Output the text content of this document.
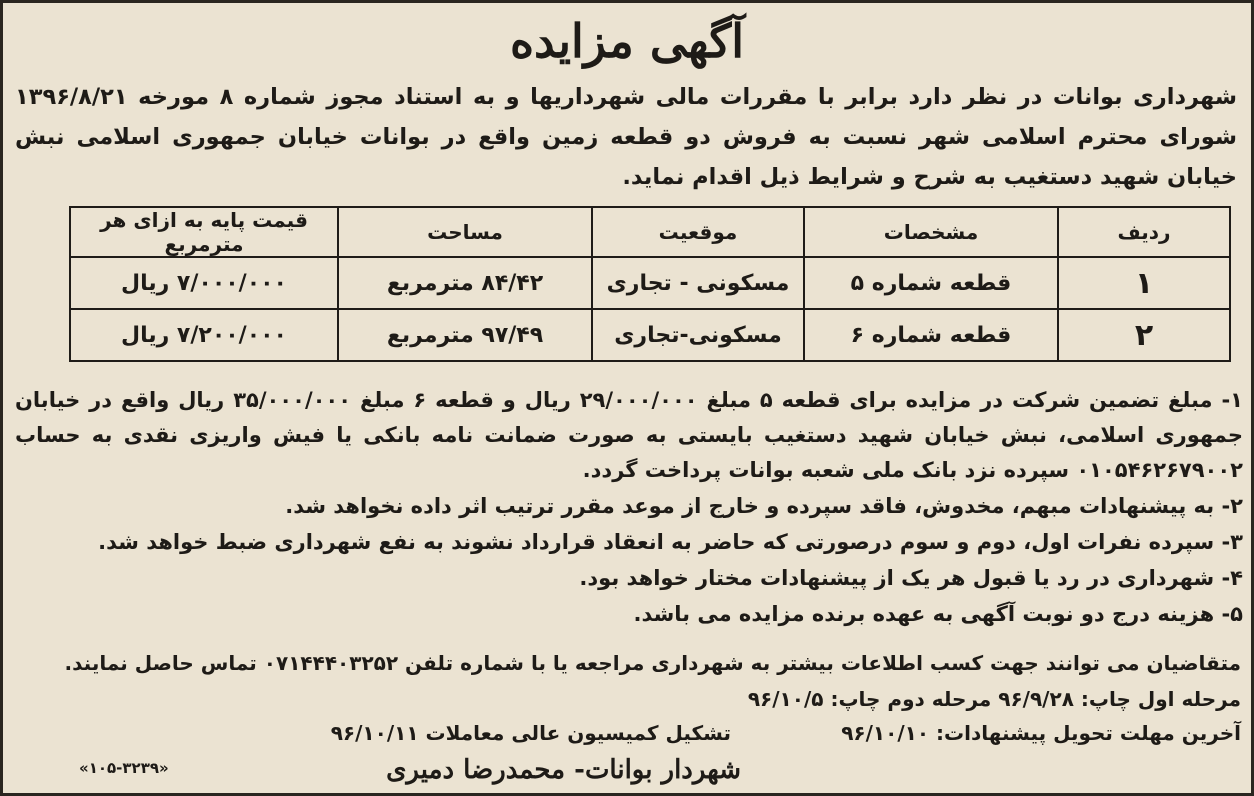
آگهی مزایده
شهرداری بوانات در نظر دارد برابر با مقررات مالی شهرداریها و به استناد مجوز شماره ۸ مورخه ۱۳۹۶/۸/۲۱ شورای محترم اسلامی شهر نسبت به فروش دو قطعه زمین واقع در بوانات خیابان جمهوری اسلامی نبش خیابان شهید دستغیب به شرح و شرایط ذیل اقدام نماید.
ردیف	مشخصات	موقعیت	مساحت	قیمت پایه به ازای هر مترمربع
۱	قطعه شماره ۵	مسکونی - تجاری	۸۴/۴۲ مترمربع	۷/۰۰۰/۰۰۰ ریال
۲	قطعه شماره ۶	مسکونی-تجاری	۹۷/۴۹ مترمربع	۷/۲۰۰/۰۰۰ ریال

۱- مبلغ تضمین شرکت در مزایده برای قطعه ۵ مبلغ ۲۹/۰۰۰/۰۰۰ ریال و قطعه ۶ مبلغ ۳۵/۰۰۰/۰۰۰ ریال واقع در خیابان جمهوری اسلامی، نبش خیابان شهید دستغیب بایستی به صورت ضمانت نامه بانکی یا فیش واریزی نقدی به حساب ۰۱۰۵۴۶۲۶۷۹۰۰۲ سپرده نزد بانک ملی شعبه بوانات پرداخت گردد.

۲- به پیشنهادات مبهم، مخدوش، فاقد سپرده و خارج از موعد مقرر ترتیب اثر داده نخواهد شد.

۳- سپرده نفرات اول، دوم و سوم درصورتی که حاضر به انعقاد قرارداد نشوند به نفع شهرداری ضبط خواهد شد.

۴- شهرداری در رد یا قبول هر یک از پیشنهادات مختار خواهد بود.

۵- هزینه درج دو نوبت آگهی به عهده برنده مزایده می باشد.

متقاضیان می توانند جهت کسب اطلاعات بیشتر به شهرداری مراجعه یا با شماره تلفن ۰۷۱۴۴۴۰۳۲۵۲ تماس حاصل نمایند.
مرحله اول چاپ: ۹۶/۹/۲۸ مرحله دوم چاپ: ۹۶/۱۰/۵
آخرین مهلت تحویل پیشنهادات: ۹۶/۱۰/۱۰
تشکیل کمیسیون عالی معاملات ۹۶/۱۰/۱۱
شهردار بوانات- محمدرضا دمیری
«۱۰۵-۳۲۳۹»
